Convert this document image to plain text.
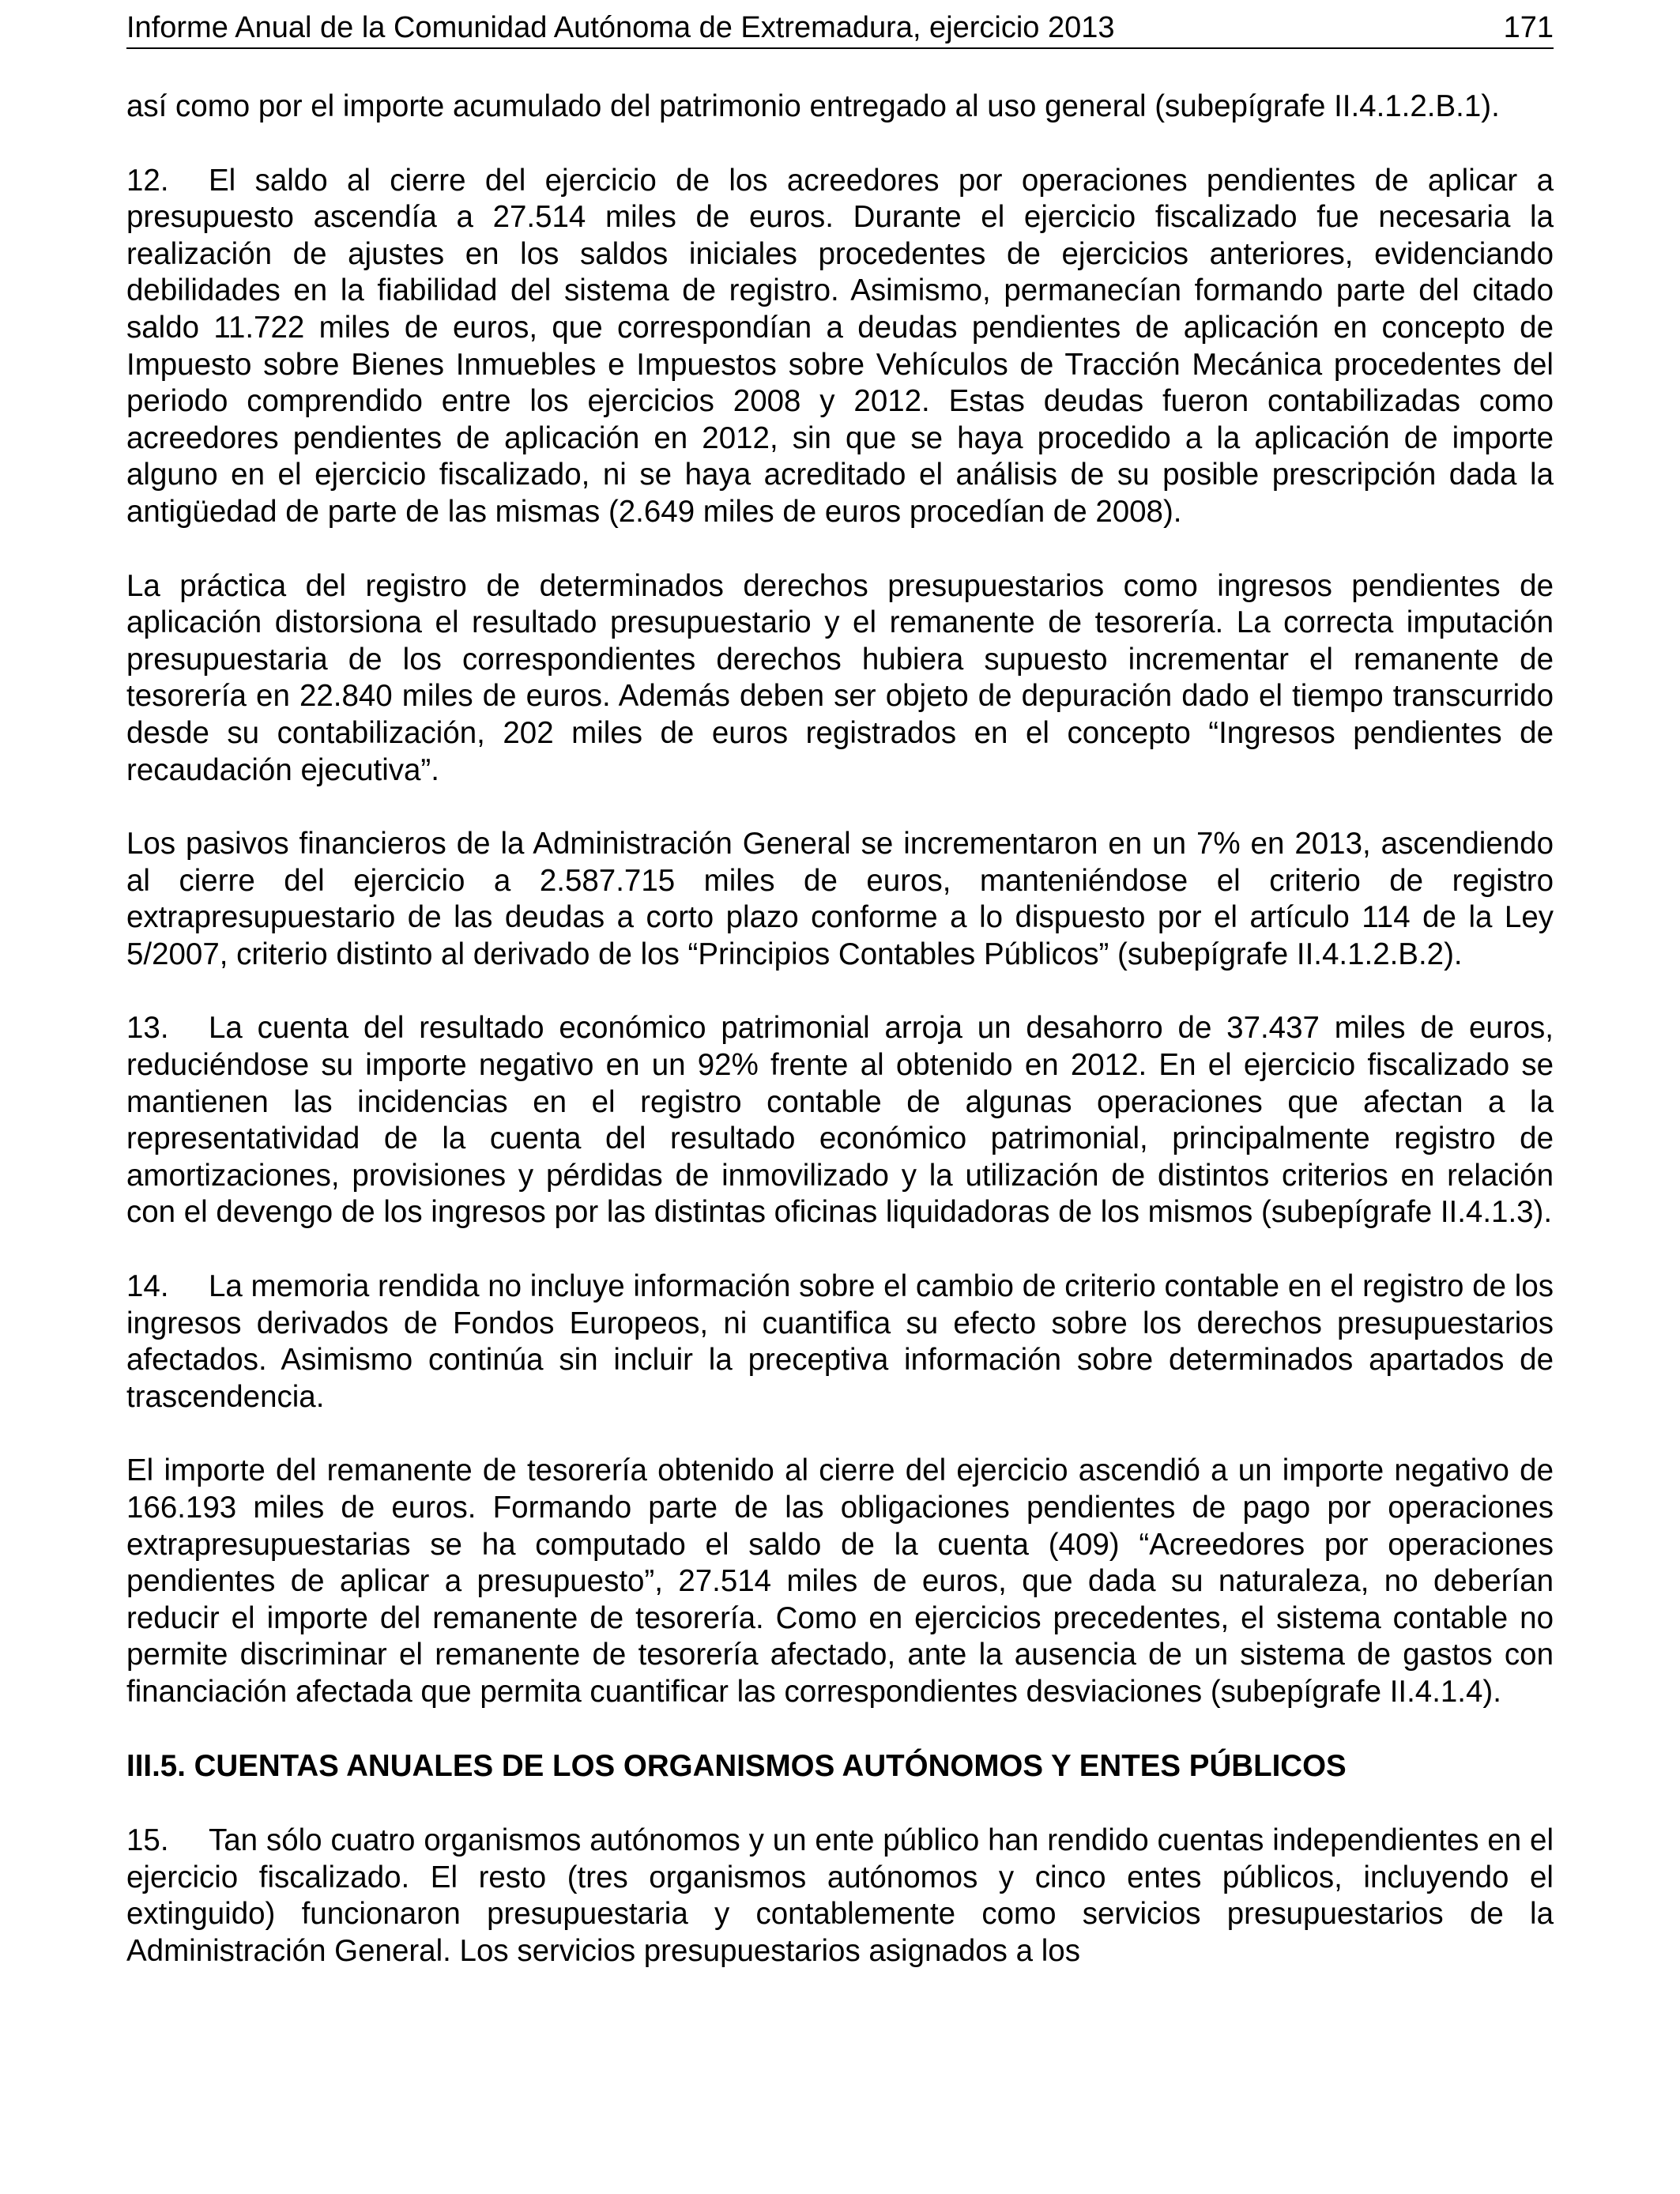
Informe Anual de la Comunidad Autónoma de Extremadura, ejercicio 2013	171

así como por el importe acumulado del patrimonio entregado al uso general (subepígrafe II.4.1.2.B.1).

12. El saldo al cierre del ejercicio de los acreedores por operaciones pendientes de aplicar a presupuesto ascendía a 27.514 miles de euros. Durante el ejercicio fiscalizado fue necesaria la realización de ajustes en los saldos iniciales procedentes de ejercicios anteriores, evidenciando debilidades en la fiabilidad del sistema de registro. Asimismo, permanecían formando parte del citado saldo 11.722 miles de euros, que correspondían a deudas pendientes de aplicación en concepto de Impuesto sobre Bienes Inmuebles e Impuestos sobre Vehículos de Tracción Mecánica procedentes del periodo comprendido entre los ejercicios 2008 y 2012. Estas deudas fueron contabilizadas como acreedores pendientes de aplicación en 2012, sin que se haya procedido a la aplicación de importe alguno en el ejercicio fiscalizado, ni se haya acreditado el análisis de su posible prescripción dada la antigüedad de parte de las mismas (2.649 miles de euros procedían de 2008).

La práctica del registro de determinados derechos presupuestarios como ingresos pendientes de aplicación distorsiona el resultado presupuestario y el remanente de tesorería. La correcta imputación presupuestaria de los correspondientes derechos hubiera supuesto incrementar el remanente de tesorería en 22.840 miles de euros. Además deben ser objeto de depuración dado el tiempo transcurrido desde su contabilización, 202 miles de euros registrados en el concepto “Ingresos pendientes de recaudación ejecutiva”.

Los pasivos financieros de la Administración General se incrementaron en un 7% en 2013, ascendiendo al cierre del ejercicio a 2.587.715 miles de euros, manteniéndose el criterio de registro extrapresupuestario de las deudas a corto plazo conforme a lo dispuesto por el artículo 114 de la Ley 5/2007, criterio distinto al derivado de los “Principios Contables Públicos” (subepígrafe II.4.1.2.B.2).

13. La cuenta del resultado económico patrimonial arroja un desahorro de 37.437 miles de euros, reduciéndose su importe negativo en un 92% frente al obtenido en 2012. En el ejercicio fiscalizado se mantienen las incidencias en el registro contable de algunas operaciones que afectan a la representatividad de la cuenta del resultado económico patrimonial, principalmente registro de amortizaciones, provisiones y pérdidas de inmovilizado y la utilización de distintos criterios en relación con el devengo de los ingresos por las distintas oficinas liquidadoras de los mismos (subepígrafe II.4.1.3).

14. La memoria rendida no incluye información sobre el cambio de criterio contable en el registro de los ingresos derivados de Fondos Europeos, ni cuantifica su efecto sobre los derechos presupuestarios afectados. Asimismo continúa sin incluir la preceptiva información sobre determinados apartados de trascendencia.

El importe del remanente de tesorería obtenido al cierre del ejercicio ascendió a un importe negativo de 166.193 miles de euros. Formando parte de las obligaciones pendientes de pago por operaciones extrapresupuestarias se ha computado el saldo de la cuenta (409) “Acreedores por operaciones pendientes de aplicar a presupuesto”, 27.514 miles de euros, que dada su naturaleza, no deberían reducir el importe del remanente de tesorería. Como en ejercicios precedentes, el sistema contable no permite discriminar el remanente de tesorería afectado, ante la ausencia de un sistema de gastos con financiación afectada que permita cuantificar las correspondientes desviaciones (subepígrafe II.4.1.4).

III.5. CUENTAS ANUALES DE LOS ORGANISMOS AUTÓNOMOS Y ENTES PÚBLICOS

15. Tan sólo cuatro organismos autónomos y un ente público han rendido cuentas independientes en el ejercicio fiscalizado. El resto (tres organismos autónomos y cinco entes públicos, incluyendo el extinguido) funcionaron presupuestaria y contablemente como servicios presupuestarios de la Administración General. Los servicios presupuestarios asignados a los
